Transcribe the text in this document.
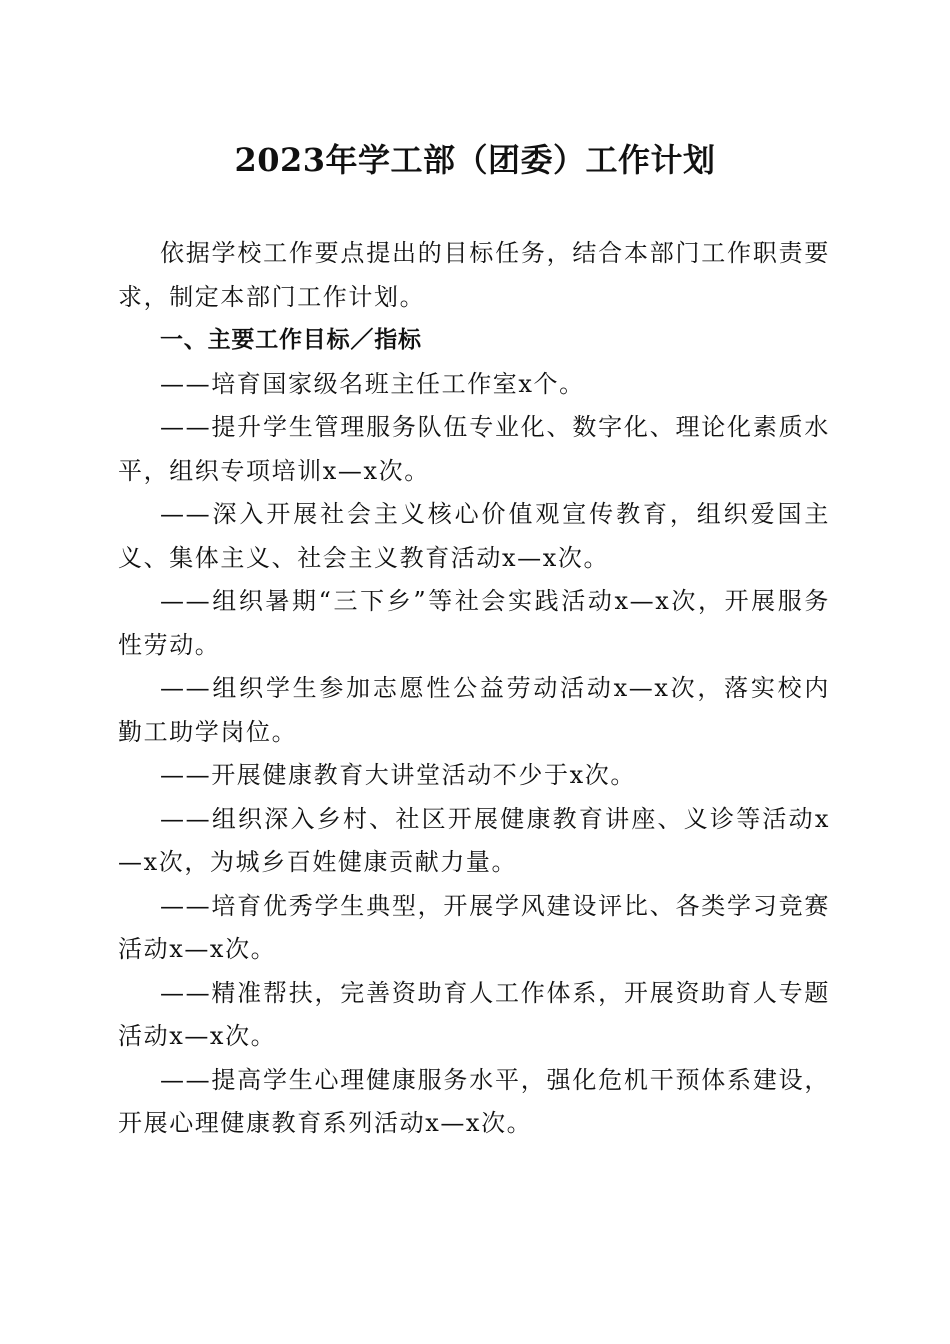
2023年学工部（团委）工作计划

依据学校工作要点提出的目标任务，结合本部门工作职责要求，制定本部门工作计划。

一、主要工作目标／指标

——培育国家级名班主任工作室x个。

——提升学生管理服务队伍专业化、数字化、理论化素质水平，组织专项培训x—x次。

——深入开展社会主义核心价值观宣传教育，组织爱国主义、集体主义、社会主义教育活动x—x次。

——组织暑期“三下乡”等社会实践活动x—x次，开展服务性劳动。

——组织学生参加志愿性公益劳动活动x—x次，落实校内勤工助学岗位。

——开展健康教育大讲堂活动不少于x次。

——组织深入乡村、社区开展健康教育讲座、义诊等活动x—x次，为城乡百姓健康贡献力量。

——培育优秀学生典型，开展学风建设评比、各类学习竞赛活动x—x次。

——精准帮扶，完善资助育人工作体系，开展资助育人专题活动x—x次。

——提高学生心理健康服务水平，强化危机干预体系建设，开展心理健康教育系列活动x—x次。
